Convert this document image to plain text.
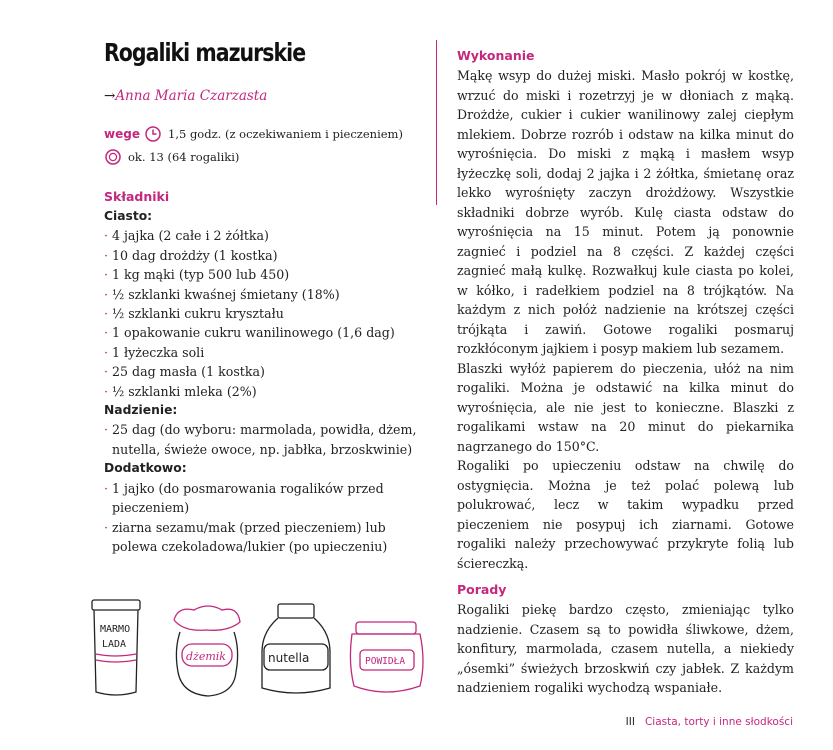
Rogaliki mazurskie
→Anna Maria Czarzasta
wege	1,5 godz. (z oczekiwaniem i pieczeniem)
ok. 13 (64 rogaliki)
Składniki
Ciasto:
· 4 jajka (2 całe i 2 żółtka)
· 10 dag drożdży (1 kostka)
· 1 kg mąki (typ 500 lub 450)
· ½ szklanki kwaśnej śmietany (18%)
· ½ szklanki cukru kryształu
· 1 opakowanie cukru wanilinowego (1,6 dag)
· 1 łyżeczka soli
· 25 dag masła (1 kostka)
· ½ szklanki mleka (2%)
Nadzienie:
· 25 dag (do wyboru: marmolada, powidła, dżem, nutella, świeże owoce, np. jabłka, brzoskwinie)
Dodatkowo:
· 1 jajko (do posmarowania rogalików przed pieczeniem)
· ziarna sezamu/mak (przed pieczeniem) lub polewa czekoladowa/lukier (po upieczeniu)
Wykonanie

Mąkę wsyp do dużej miski. Masło pokrój w kostkę, wrzuć do miski i rozetrzyj je w dłoniach z mąką. Drożdże, cukier i cukier wanilinowy zalej ciepłym mlekiem. Dobrze rozrób i odstaw na kilka minut do wyrośnięcia. Do miski z mąką i masłem wsyp łyżeczkę soli, dodaj 2 jajka i 2 żółtka, śmietanę oraz lekko wyrośnięty zaczyn drożdżowy. Wszystkie składniki dobrze wyrób. Kulę ciasta odstaw do wyrośnięcia na 15 minut. Potem ją ponownie zagnieć i podziel na 8 części. Z każdej części zagnieć małą kulkę. Rozwałkuj kule ciasta po kolei, w kółko, i radełkiem podziel na 8 trójkątów. Na każdym z nich połóż nadzienie na krótszej części trójkąta i zawiń. Gotowe rogaliki posmaruj rozkłóconym jajkiem i posyp makiem lub sezamem.

Blaszki wyłóż papierem do pieczenia, ułóż na nim rogaliki. Można je odstawić na kilka minut do wyrośnięcia, ale nie jest to konieczne. Blaszki z rogalikami wstaw na 20 minut do piekarnika nagrzanego do 150°C.

Rogaliki po upieczeniu odstaw na chwilę do ostygnięcia. Można je też polać polewą lub polukrować, lecz w takim wypadku przed pieczeniem nie posypuj ich ziarnami. Gotowe rogaliki należy przechowywać przykryte folią lub ściereczką.

Porady

Rogaliki piekę bardzo często, zmieniając tylko nadzienie. Czasem są to powidła śliwkowe, dżem, konfitury, marmolada, czasem nutella, a niekiedy „ósemki” świeżych brzoskwiń czy jabłek. Z każdym nadzieniem rogaliki wychodzą wspaniałe.

MARMO
LADA
dżemik	nutella	POWIDŁA
III Ciasta, torty i inne słodkości
